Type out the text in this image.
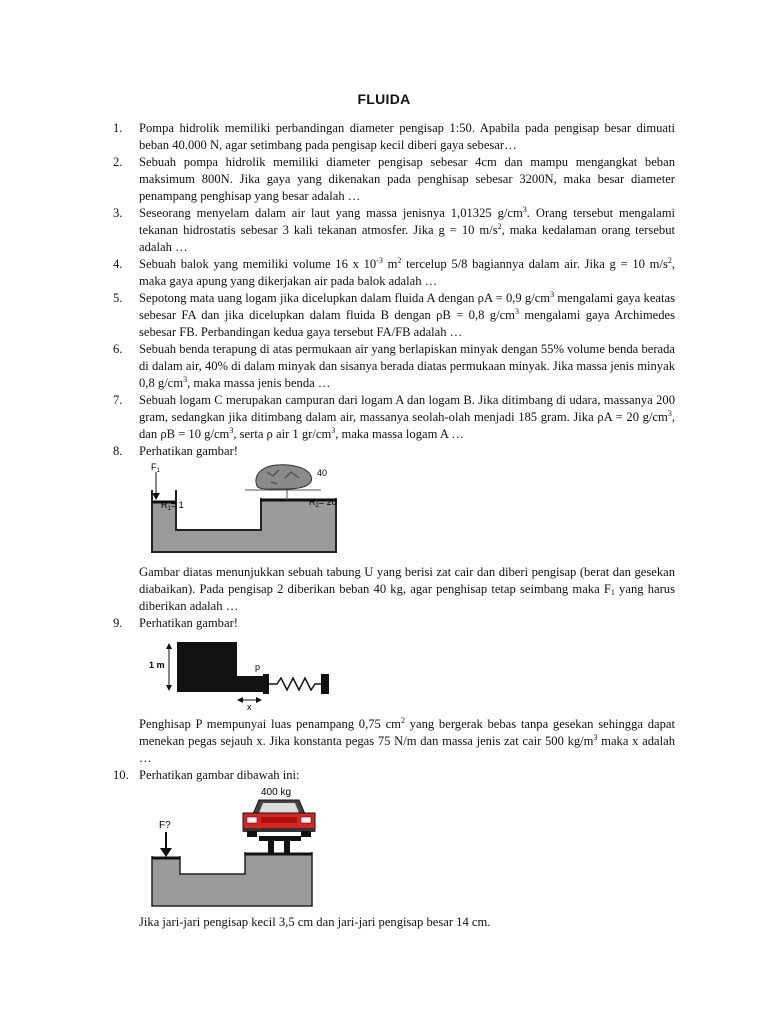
FLUIDA
1.	Pompa hidrolik memiliki perbandingan diameter pengisap 1:50. Apabila pada pengisap besar dimuati beban 40.000 N, agar setimbang pada pengisap kecil diberi gaya sebesar…
2.	Sebuah pompa hidrolik memiliki diameter pengisap sebesar 4cm dan mampu mengangkat beban maksimum 800N. Jika gaya yang dikenakan pada penghisap sebesar 3200N, maka besar diameter penampang penghisap yang besar adalah …
3.	Seseorang menyelam dalam air laut yang massa jenisnya 1,01325 $g/cm^3$. Orang tersebut mengalami tekanan hidrostatis sebesar 3 kali tekanan atmosfer. Jika g = 10 $m/s^2$, maka kedalaman orang tersebut adalah …
4.	Sebuah balok yang memiliki volume 16 x $10^{-3}$ $m^2$ tercelup 5/8 bagiannya dalam air. Jika g = 10 $m/s^2$, maka gaya apung yang dikerjakan air pada balok adalah …
5.	Sepotong mata uang logam jika dicelupkan dalam fluida A dengan ρA = 0,9 $g/cm^3$ mengalami gaya keatas sebesar FA dan jika dicelupkan dalam fluida B dengan ρB = 0,8 $g/cm^3$ mengalami gaya Archimedes sebesar FB. Perbandingan kedua gaya tersebut FA/FB adalah …
6.	Sebuah benda terapung di atas permukaan air yang berlapiskan minyak dengan 55% volume benda berada di dalam air, 40% di dalam minyak dan sisanya berada diatas permukaan minyak. Jika massa jenis minyak 0,8 $g/cm^3$, maka massa jenis benda …
7.	Sebuah logam C merupakan campuran dari logam A dan logam B. Jika ditimbang di udara, massanya 200 gram, sedangkan jika ditimbang dalam air, massanya seolah-olah menjadi 185 gram. Jika ρA = 20 $g/cm^3$, dan ρB = 10 $g/cm^3$, serta ρ air 1 $gr/cm^3$, maka massa logam A …
8.	Perhatikan gambar!
$F_1$
$R_1= 1$	$R_2= 20$
40
Gambar diatas menunjukkan sebuah tabung U yang berisi zat cair dan diberi pengisap (berat dan gesekan diabaikan). Pada pengisap 2 diberikan beban 40 kg, agar penghisap tetap seimbang maka $F_1$ yang harus diberikan adalah …
9.	Perhatikan gambar!
1 m	p
x
Penghisap P mempunyai luas penampang 0,75 $cm^2$ yang bergerak bebas tanpa gesekan sehingga dapat menekan pegas sejauh x. Jika konstanta pegas 75 N/m dan massa jenis zat cair 500 $kg/m^3$ maka x adalah …
10. Perhatikan gambar dibawah ini:
F?
400 kg
Jika jari-jari pengisap kecil 3,5 cm dan jari-jari pengisap besar 14 cm.
